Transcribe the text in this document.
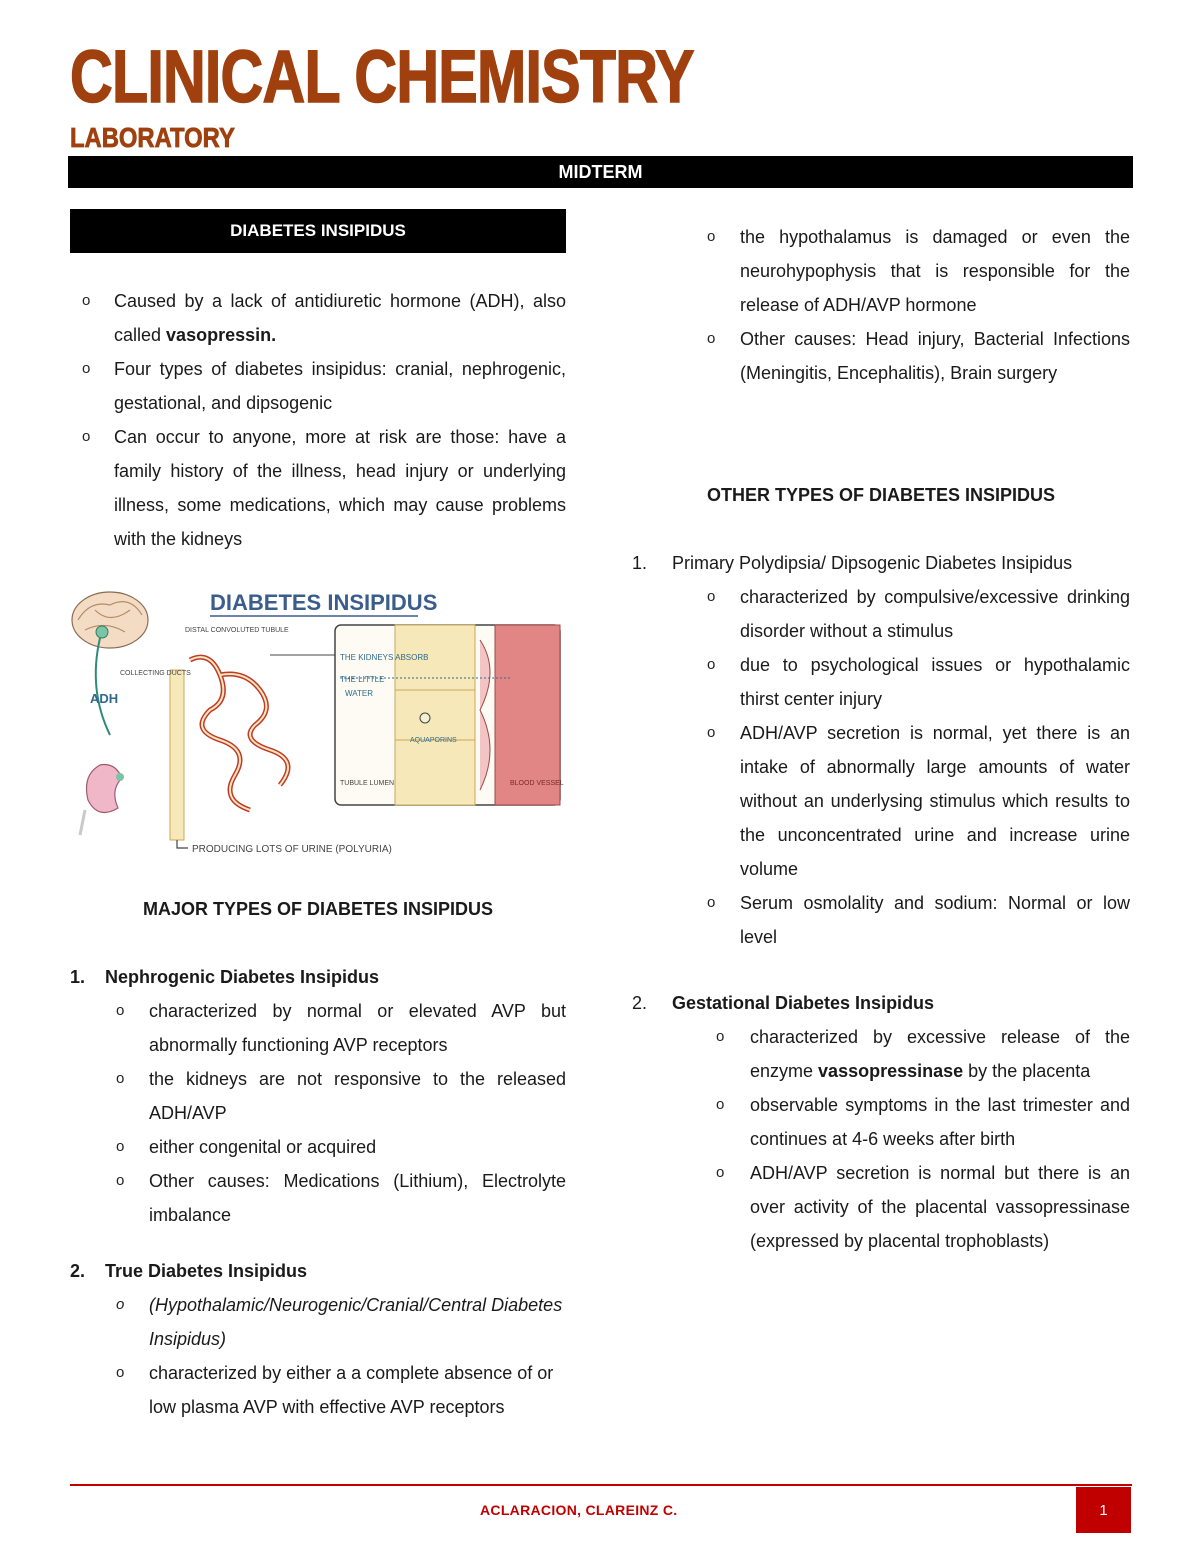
CLINICAL CHEMISTRY
LABORATORY
MIDTERM
DIABETES INSIPIDUS
o Caused by a lack of antidiuretic hormone (ADH), also called vasopressin.
o Four types of diabetes insipidus: cranial, nephrogenic, gestational, and dipsogenic
o Can occur to anyone, more at risk are those: have a family history of the illness, head injury or underlying illness, some medications, which may cause problems with the kidneys
DIABETES INSIPIDUS
ADH
COLLECTING DUCTS
DISTAL CONVOLUTED TUBULE
THE KIDNEYS ABSORB
THE LITTLE
WATER
AQUAPORINS
TUBULE LUMEN	BLOOD VESSEL
PRODUCING LOTS OF URINE (POLYURIA)
MAJOR TYPES OF DIABETES INSIPIDUS
1.	Nephrogenic Diabetes Insipidus
o characterized by normal or elevated AVP but abnormally functioning AVP receptors
o the kidneys are not responsive to the released ADH/AVP
o either congenital or acquired
o Other causes: Medications (Lithium), Electrolyte imbalance
2.	True Diabetes Insipidus
o (Hypothalamic/Neurogenic/Cranial/Central Diabetes Insipidus)
o characterized by either a a complete absence of or low plasma AVP with effective AVP receptors
o the hypothalamus is damaged or even the neurohypophysis that is responsible for the release of ADH/AVP hormone
o Other causes: Head injury, Bacterial Infections (Meningitis, Encephalitis), Brain surgery
OTHER TYPES OF DIABETES INSIPIDUS
1.	Primary Polydipsia/ Dipsogenic Diabetes Insipidus
o characterized by compulsive/excessive drinking disorder without a stimulus
o due to psychological issues or hypothalamic thirst center injury
o ADH/AVP secretion is normal, yet there is an intake of abnormally large amounts of water without an underlysing stimulus which results to the unconcentrated urine and increase urine volume
o Serum osmolality and sodium: Normal or low level
2.	Gestational Diabetes Insipidus
o characterized by excessive release of the enzyme vassopressinase by the placenta
o observable symptoms in the last trimester and continues at 4-6 weeks after birth
o ADH/AVP secretion is normal but there is an over activity of the placental vassopressinase (expressed by placental trophoblasts)
ACLARACION, CLAREINZ C.	1
